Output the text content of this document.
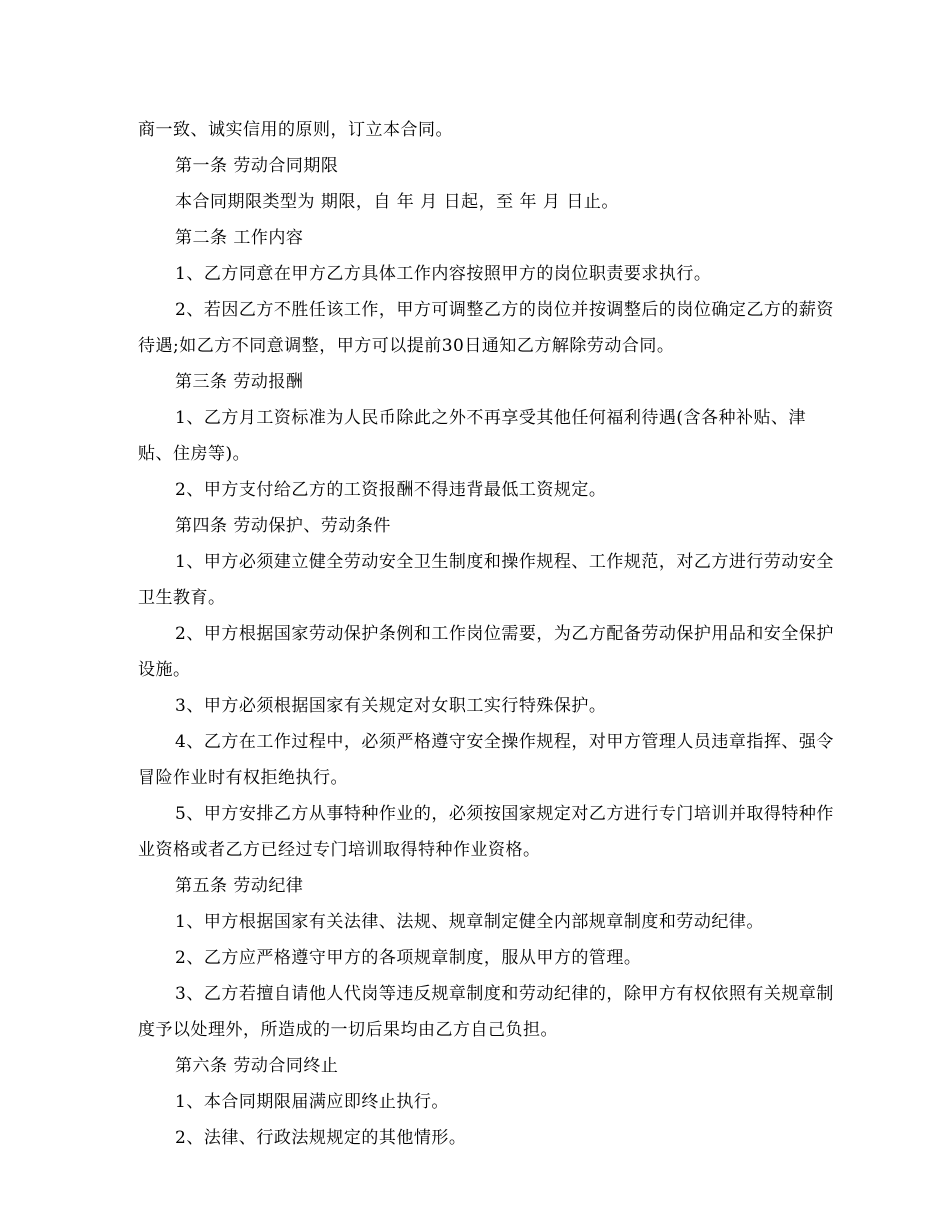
商一致、诚实信用的原则，订立本合同。

第一条 劳动合同期限

本合同期限类型为 期限，自 年 月 日起，至 年 月 日止。

第二条 工作内容

1、乙方同意在甲方乙方具体工作内容按照甲方的岗位职责要求执行。

2、若因乙方不胜任该工作，甲方可调整乙方的岗位并按调整后的岗位确定乙方的薪资待遇;如乙方不同意调整，甲方可以提前30日通知乙方解除劳动合同。

第三条 劳动报酬

1、乙方月工资标准为人民币除此之外不再享受其他任何福利待遇(含各种补贴、津贴、住房等)。

2、甲方支付给乙方的工资报酬不得违背最低工资规定。

第四条 劳动保护、劳动条件

1、甲方必须建立健全劳动安全卫生制度和操作规程、工作规范，对乙方进行劳动安全卫生教育。

2、甲方根据国家劳动保护条例和工作岗位需要，为乙方配备劳动保护用品和安全保护设施。

3、甲方必须根据国家有关规定对女职工实行特殊保护。

4、乙方在工作过程中，必须严格遵守安全操作规程，对甲方管理人员违章指挥、强令冒险作业时有权拒绝执行。

5、甲方安排乙方从事特种作业的，必须按国家规定对乙方进行专门培训并取得特种作业资格或者乙方已经过专门培训取得特种作业资格。

第五条 劳动纪律

1、甲方根据国家有关法律、法规、规章制定健全内部规章制度和劳动纪律。

2、乙方应严格遵守甲方的各项规章制度，服从甲方的管理。

3、乙方若擅自请他人代岗等违反规章制度和劳动纪律的，除甲方有权依照有关规章制度予以处理外，所造成的一切后果均由乙方自己负担。

第六条 劳动合同终止

1、本合同期限届满应即终止执行。

2、法律、行政法规规定的其他情形。
